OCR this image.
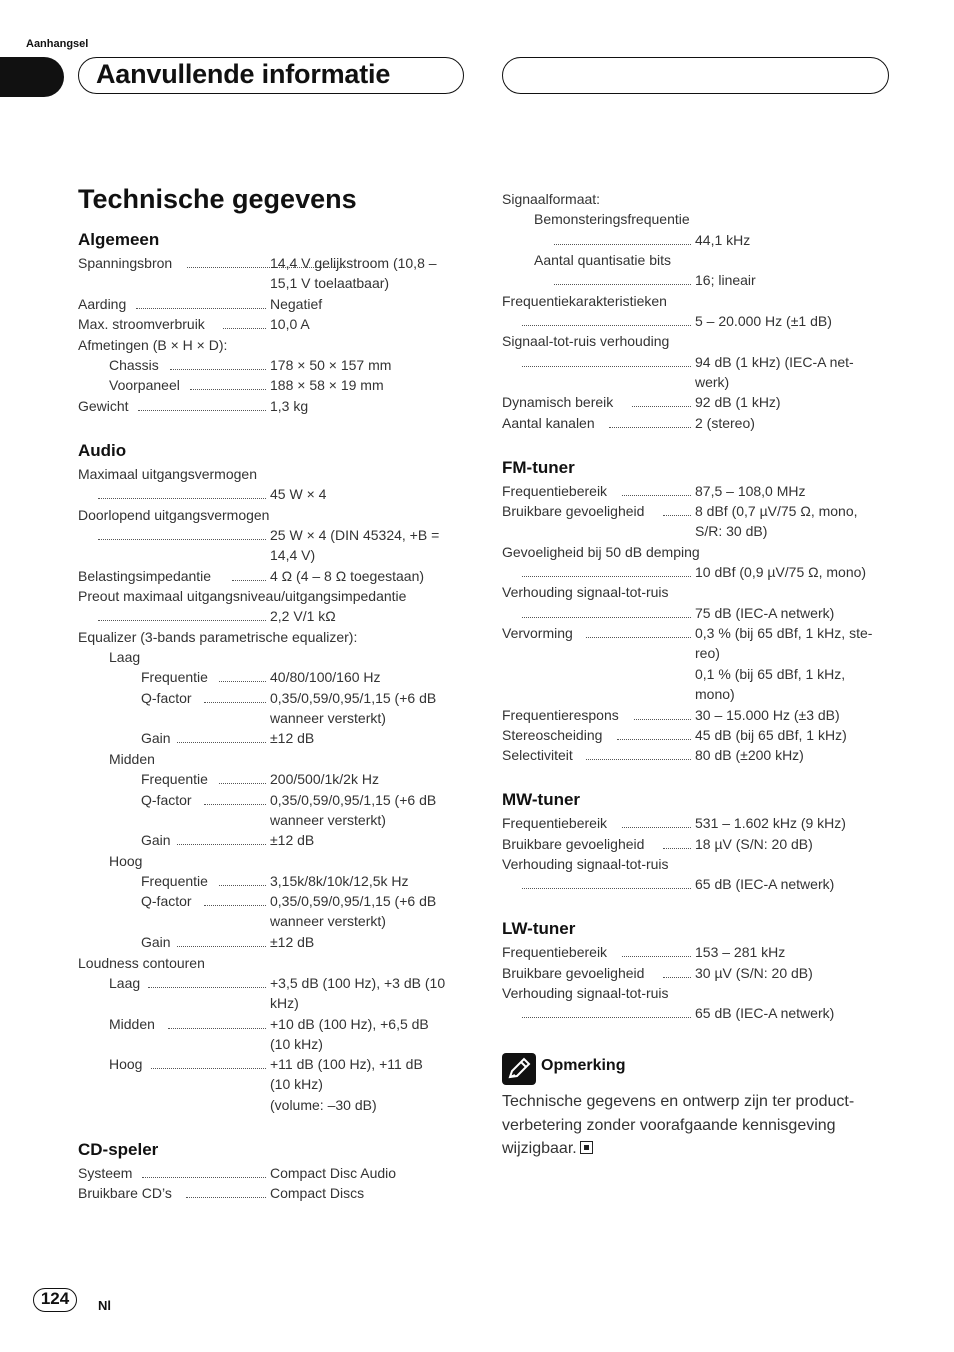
Aanhangsel
Aanvullende informatie
Technische gegevens
Algemeen
Spanningsbron	14,4 V gelijkstroom (10,8 –
15,1 V toelaatbaar)
Aarding	Negatief
Max. stroomverbruik	10,0 A
Afmetingen (B × H × D):
Chassis	178 × 50 × 157 mm
Voorpaneel	188 × 58 × 19 mm
Gewicht	1,3 kg
Audio
Maximaal uitgangsvermogen
45 W × 4
Doorlopend uitgangsvermogen
25 W × 4 (DIN 45324, +B =
14,4 V)
Belastingsimpedantie	4 Ω (4 – 8 Ω toegestaan)
Preout maximaal uitgangsniveau/uitgangsimpedantie
2,2 V/1 kΩ
Equalizer (3-bands parametrische equalizer):
Laag
Frequentie	40/80/100/160 Hz
Q-factor	0,35/0,59/0,95/1,15 (+6 dB
wanneer versterkt)
Gain	±12 dB
Midden
Frequentie	200/500/1k/2k Hz
Q-factor	0,35/0,59/0,95/1,15 (+6 dB
wanneer versterkt)
Gain	±12 dB
Hoog
Frequentie	3,15k/8k/10k/12,5k Hz
Q-factor	0,35/0,59/0,95/1,15 (+6 dB
wanneer versterkt)
Gain	±12 dB
Loudness contouren
Laag	+3,5 dB (100 Hz), +3 dB (10
kHz)
Midden	+10 dB (100 Hz), +6,5 dB
(10 kHz)
Hoog	+11 dB (100 Hz), +11 dB
(10 kHz)
(volume: –30 dB)
CD-speler
Systeem	Compact Disc Audio
Bruikbare CD’s	Compact Discs
Signaalformaat:
Bemonsteringsfrequentie
44,1 kHz
Aantal quantisatie bits
16; lineair
Frequentiekarakteristieken
5 – 20.000 Hz (±1 dB)
Signaal-tot-ruis verhouding
94 dB (1 kHz) (IEC-A net-
werk)
Dynamisch bereik	92 dB (1 kHz)
Aantal kanalen	2 (stereo)
FM-tuner
Frequentiebereik	87,5 – 108,0 MHz
Bruikbare gevoeligheid	8 dBf (0,7 µV/75 Ω, mono,
S/R: 30 dB)
Gevoeligheid bij 50 dB demping
10 dBf (0,9 µV/75 Ω, mono)
Verhouding signaal-tot-ruis
75 dB (IEC-A netwerk)
Vervorming	0,3 % (bij 65 dBf, 1 kHz, ste-
reo)
0,1 % (bij 65 dBf, 1 kHz,
mono)
Frequentierespons	30 – 15.000 Hz (±3 dB)
Stereoscheiding	45 dB (bij 65 dBf, 1 kHz)
Selectiviteit	80 dB (±200 kHz)
MW-tuner
Frequentiebereik	531 – 1.602 kHz (9 kHz)
Bruikbare gevoeligheid	18 µV (S/N: 20 dB)
Verhouding signaal-tot-ruis
65 dB (IEC-A netwerk)
LW-tuner
Frequentiebereik	153 – 281 kHz
Bruikbare gevoeligheid	30 µV (S/N: 20 dB)
Verhouding signaal-tot-ruis
65 dB (IEC-A netwerk)
Opmerking
Technische gegevens en ontwerp zijn ter product-verbetering zonder voorafgaande kennisgeving wijzigbaar.
124	Nl
